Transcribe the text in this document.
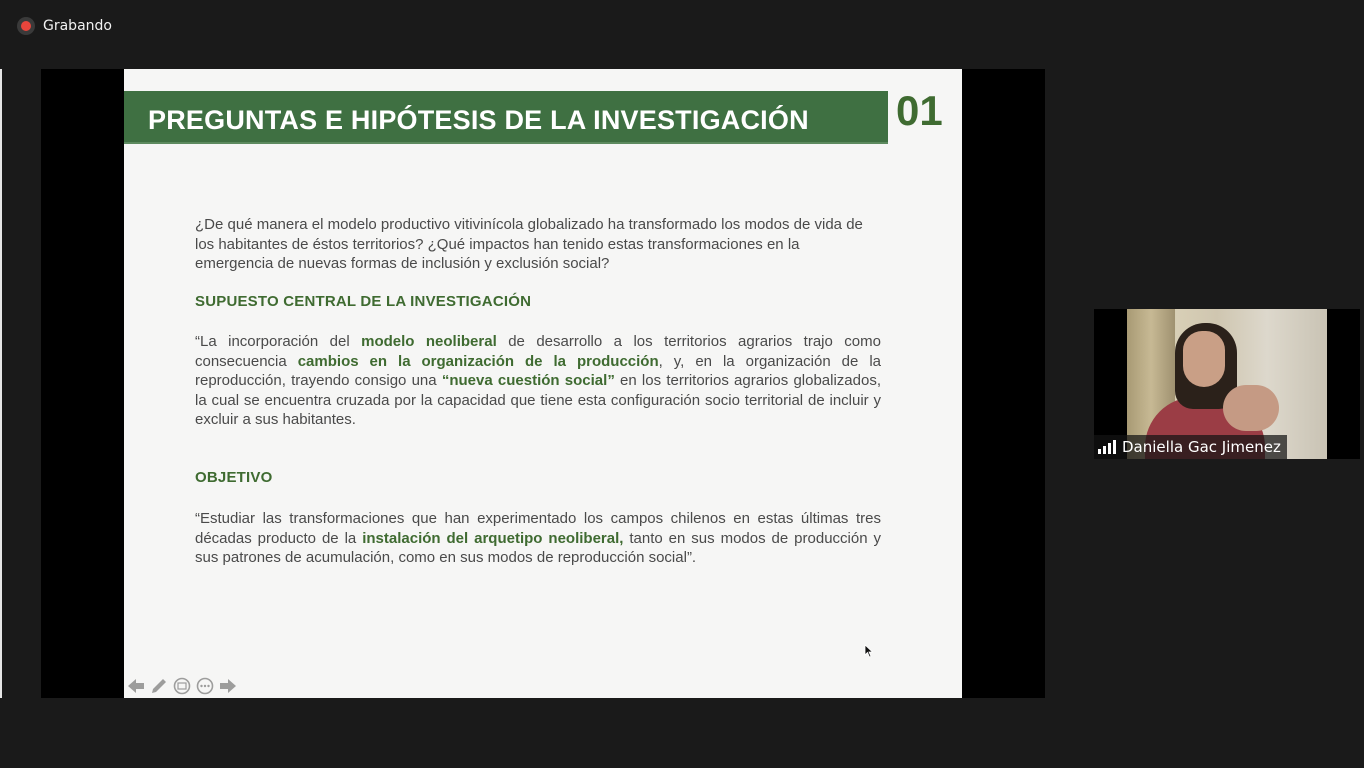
Grabando
PREGUNTAS E HIPÓTESIS DE LA INVESTIGACIÓN 01
¿De qué manera el modelo productivo vitivinícola globalizado ha transformado los modos de vida de los habitantes de éstos territorios? ¿Qué impactos han tenido estas transformaciones en la emergencia de nuevas formas de inclusión y exclusión social?
SUPUESTO CENTRAL DE LA INVESTIGACIÓN
“La incorporación del modelo neoliberal de desarrollo a los territorios agrarios trajo como consecuencia cambios en la organización de la producción, y, en la organización de la reproducción, trayendo consigo una “nueva cuestión social” en los territorios agrarios globalizados, la cual se encuentra cruzada por la capacidad que tiene esta configuración socio territorial de incluir y excluir a sus habitantes.
OBJETIVO
“Estudiar las transformaciones que han experimentado los campos chilenos en estas últimas tres décadas producto de la instalación del arquetipo neoliberal, tanto en sus modos de producción y sus patrones de acumulación, como en sus modos de reproducción social”.
Daniella Gac Jimenez
